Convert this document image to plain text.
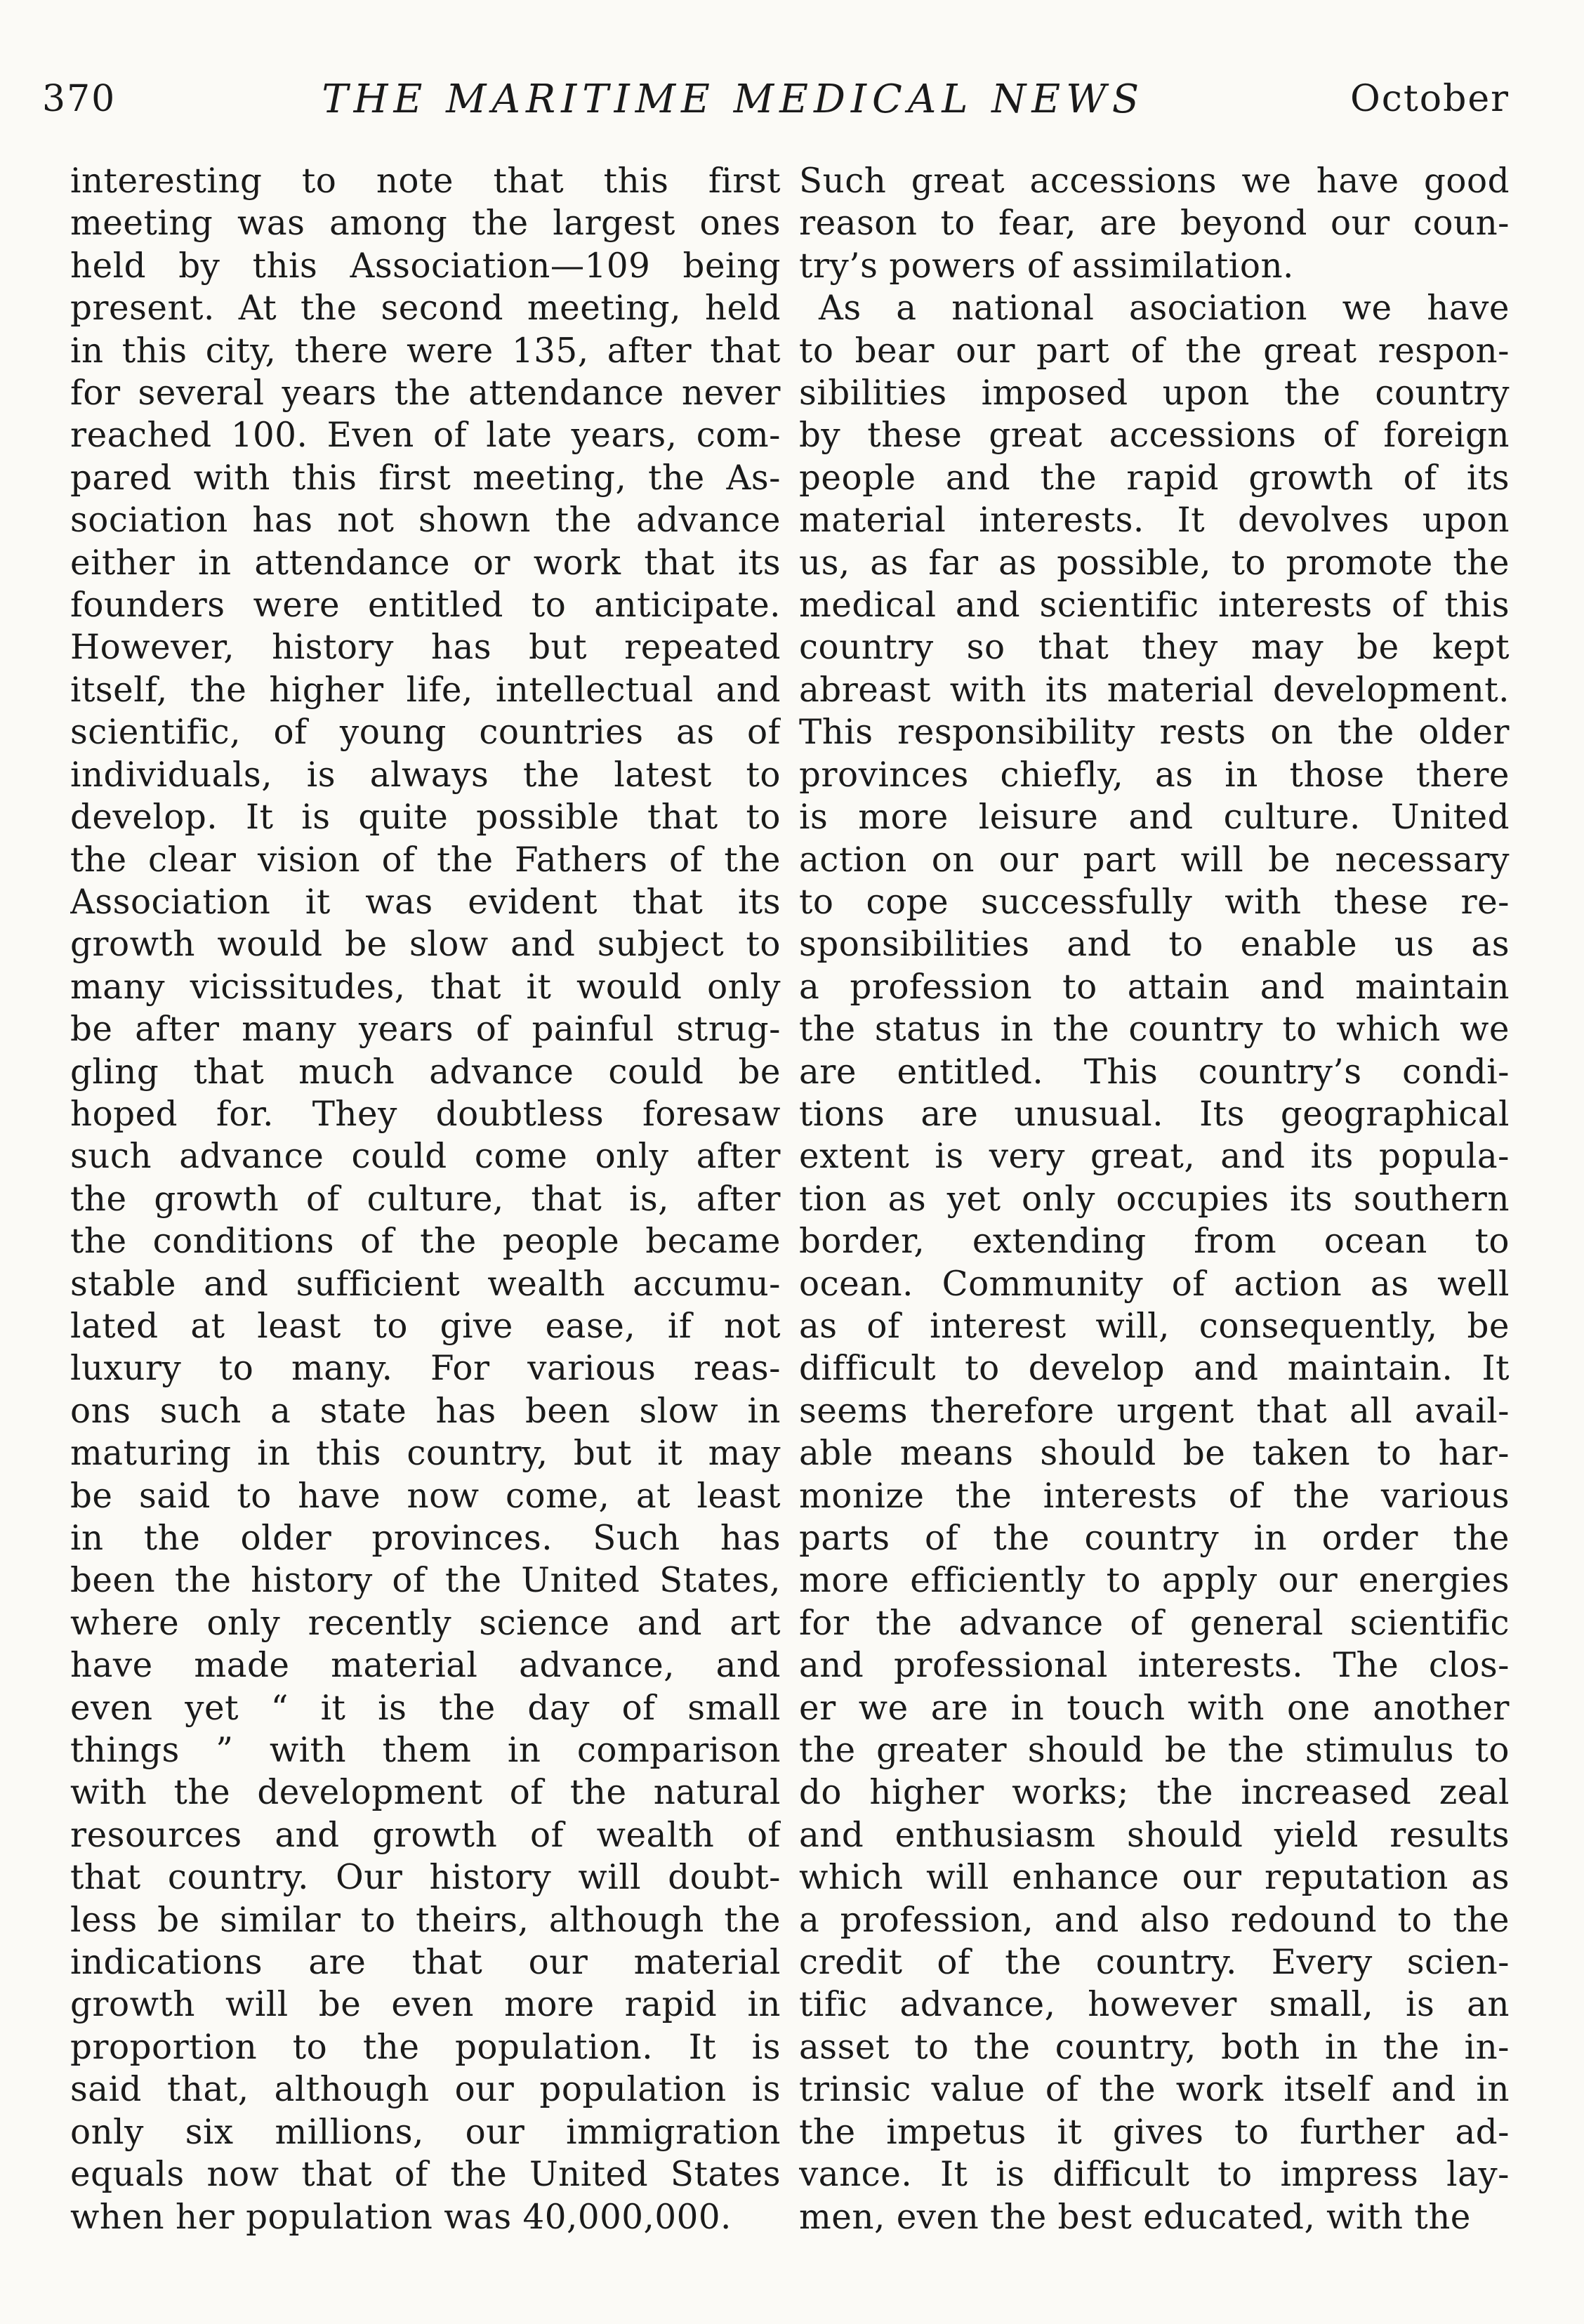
370	THE MARITIME MEDICAL NEWS	October
interesting to note that this first
meeting was among the largest ones
held by this Association—109 being
present. At the second meeting, held
in this city, there were 135, after that
for several years the attendance never
reached 100. Even of late years, com-
pared with this first meeting, the As-
sociation has not shown the advance
either in attendance or work that its
founders were entitled to anticipate.
However, history has but repeated
itself, the higher life, intellectual and
scientific, of young countries as of
individuals, is always the latest to
develop. It is quite possible that to
the clear vision of the Fathers of the
Association it was evident that its
growth would be slow and subject to
many vicissitudes, that it would only
be after many years of painful strug-
gling that much advance could be
hoped for. They doubtless foresaw
such advance could come only after
the growth of culture, that is, after
the conditions of the people became
stable and sufficient wealth accumu-
lated at least to give ease, if not
luxury to many. For various reas-
ons such a state has been slow in
maturing in this country, but it may
be said to have now come, at least
in the older provinces. Such has
been the history of the United States,
where only recently science and art
have made material advance, and
even yet “ it is the day of small
things ” with them in comparison
with the development of the natural
resources and growth of wealth of
that country. Our history will doubt-
less be similar to theirs, although the
indications are that our material
growth will be even more rapid in
proportion to the population. It is
said that, although our population is
only six millions, our immigration
equals now that of the United States
when her population was 40,000,000.
Such great accessions we have good
reason to fear, are beyond our coun-
try’s powers of assimilation.
As a national asociation we have
to bear our part of the great respon-
sibilities imposed upon the country
by these great accessions of foreign
people and the rapid growth of its
material interests. It devolves upon
us, as far as possible, to promote the
medical and scientific interests of this
country so that they may be kept
abreast with its material development.
This responsibility rests on the older
provinces chiefly, as in those there
is more leisure and culture. United
action on our part will be necessary
to cope successfully with these re-
sponsibilities and to enable us as
a profession to attain and maintain
the status in the country to which we
are entitled. This country’s condi-
tions are unusual. Its geographical
extent is very great, and its popula-
tion as yet only occupies its southern
border, extending from ocean to
ocean. Community of action as well
as of interest will, consequently, be
difficult to develop and maintain. It
seems therefore urgent that all avail-
able means should be taken to har-
monize the interests of the various
parts of the country in order the
more efficiently to apply our energies
for the advance of general scientific
and professional interests. The clos-
er we are in touch with one another
the greater should be the stimulus to
do higher works; the increased zeal
and enthusiasm should yield results
which will enhance our reputation as
a profession, and also redound to the
credit of the country. Every scien-
tific advance, however small, is an
asset to the country, both in the in-
trinsic value of the work itself and in
the impetus it gives to further ad-
vance. It is difficult to impress lay-
men, even the best educated, with the
